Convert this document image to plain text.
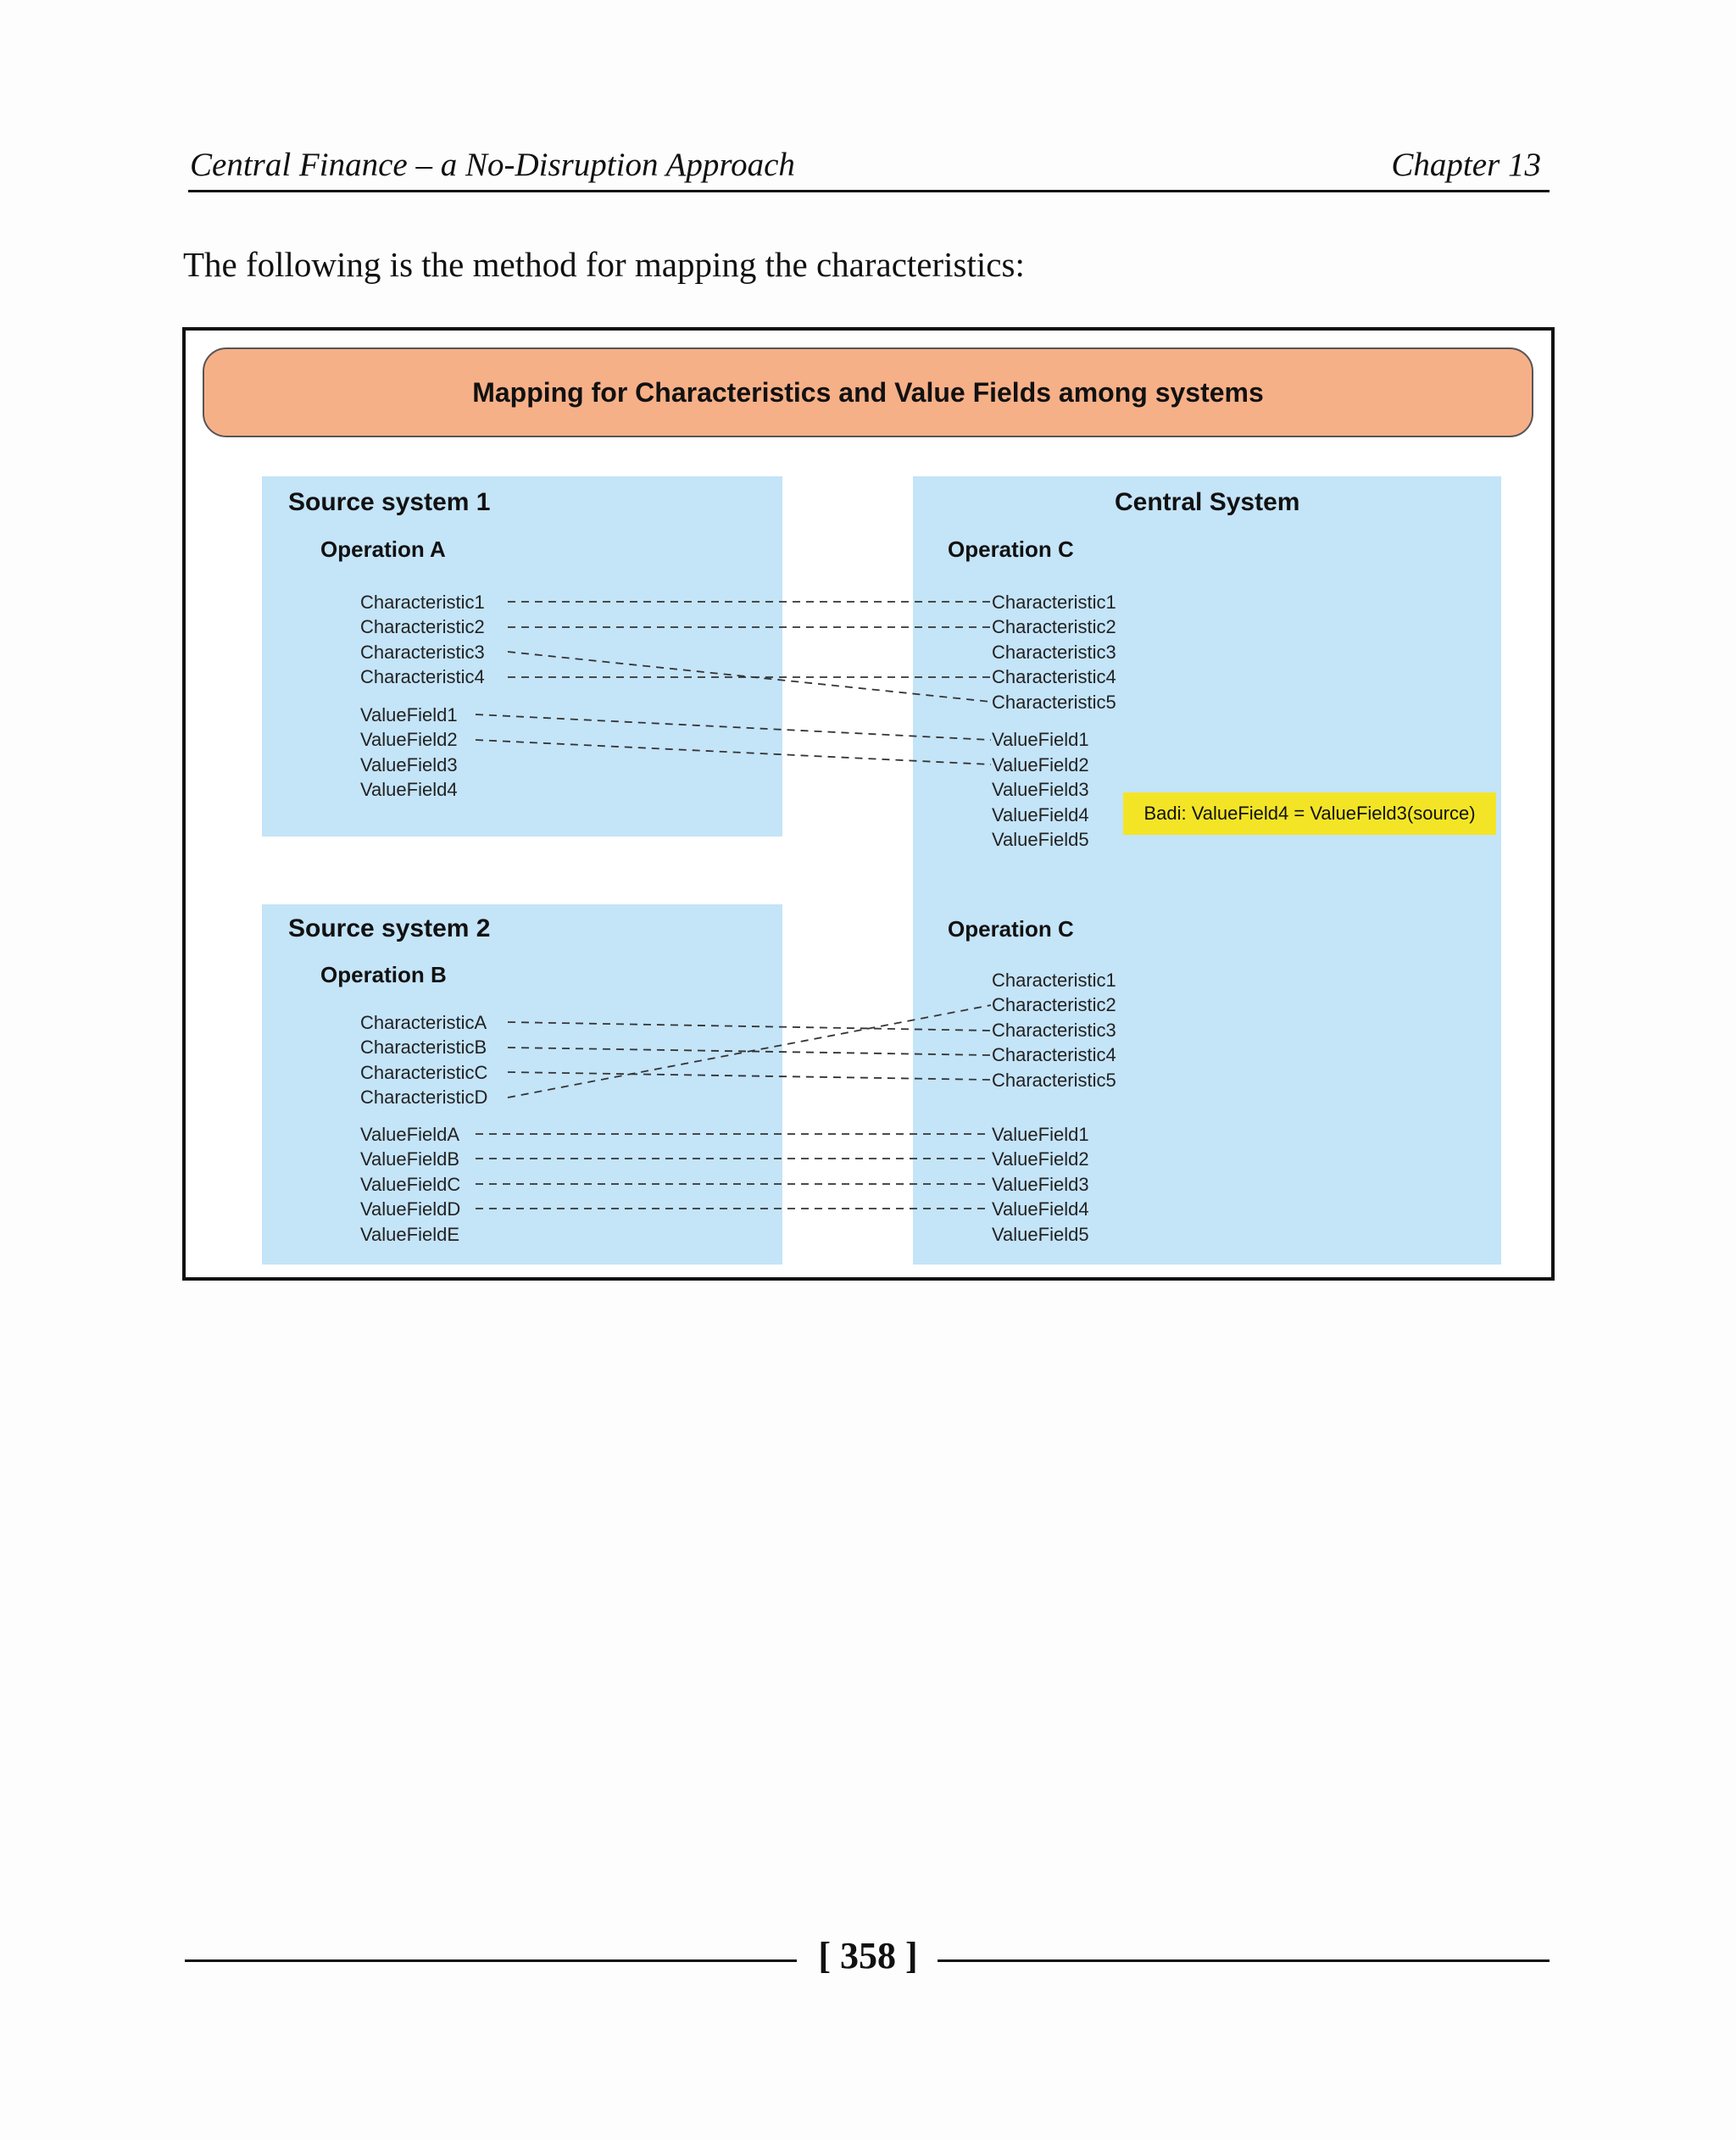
Central Finance – a No-Disruption Approach	Chapter 13
The following is the method for mapping the characteristics:
Mapping for Characteristics and Value Fields among systems
Source system 1
Operation A
Characteristic1
Characteristic2
Characteristic3
Characteristic4
ValueField1
ValueField2
ValueField3
ValueField4
Central System
Operation C
Characteristic1
Characteristic2
Characteristic3
Characteristic4
Characteristic5
ValueField1
ValueField2
ValueField3
ValueField4
ValueField5
Badi: ValueField4 = ValueField3(source)
Source system 2
Operation B
CharacteristicA
CharacteristicB
CharacteristicC
CharacteristicD
ValueFieldA
ValueFieldB
ValueFieldC
ValueFieldD
ValueFieldE
Operation C
Characteristic1
Characteristic2
Characteristic3
Characteristic4
Characteristic5
ValueField1
ValueField2
ValueField3
ValueField4
ValueField5
[ 358 ]
